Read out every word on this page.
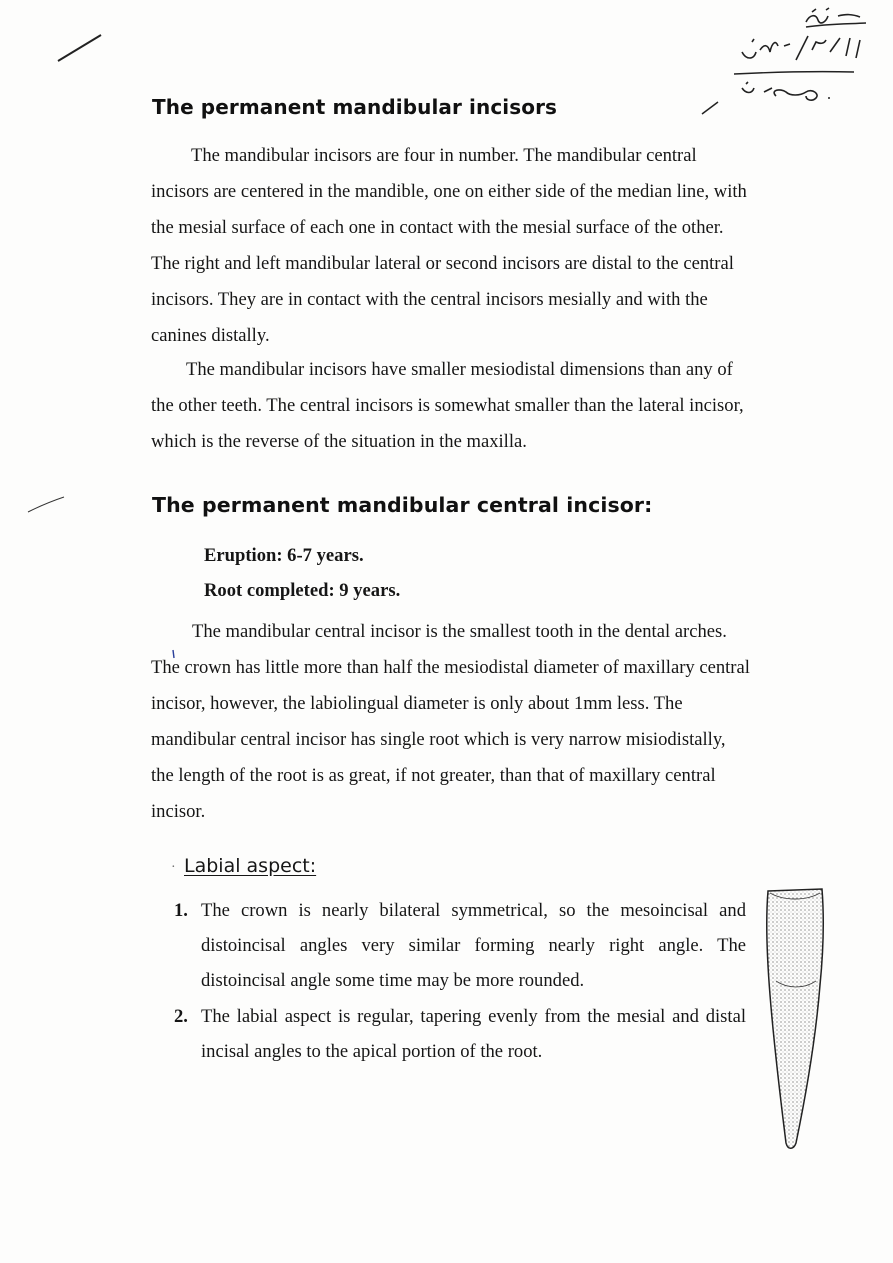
The permanent mandibular incisors

The mandibular incisors are four in number. The mandibular central incisors are centered in the mandible, one on either side of the median line, with the mesial surface of each one in contact with the mesial surface of the other. The right and left mandibular lateral or second incisors are distal to the central incisors. They are in contact with the central incisors mesially and with the canines distally.

The mandibular incisors have smaller mesiodistal dimensions than any of the other teeth. The central incisors is somewhat smaller than the lateral incisor, which is the reverse of the situation in the maxilla.

The permanent mandibular central incisor:

Eruption: 6-7 years.

Root completed: 9 years.

The mandibular central incisor is the smallest tooth in the dental arches. The crown has little more than half the mesiodistal diameter of maxillary central incisor, however, the labiolingual diameter is only about 1mm less. The mandibular central incisor has single root which is very narrow misiodistally, the length of the root is as great, if not greater, than that of maxillary central incisor.

· Labial aspect:
1. The crown is nearly bilateral symmetrical, so the mesoincisal and distoincisal angles very similar forming nearly right angle. The distoincisal angle some time may be more rounded.
2. The labial aspect is regular, tapering evenly from the mesial and distal incisal angles to the apical portion of the root.
